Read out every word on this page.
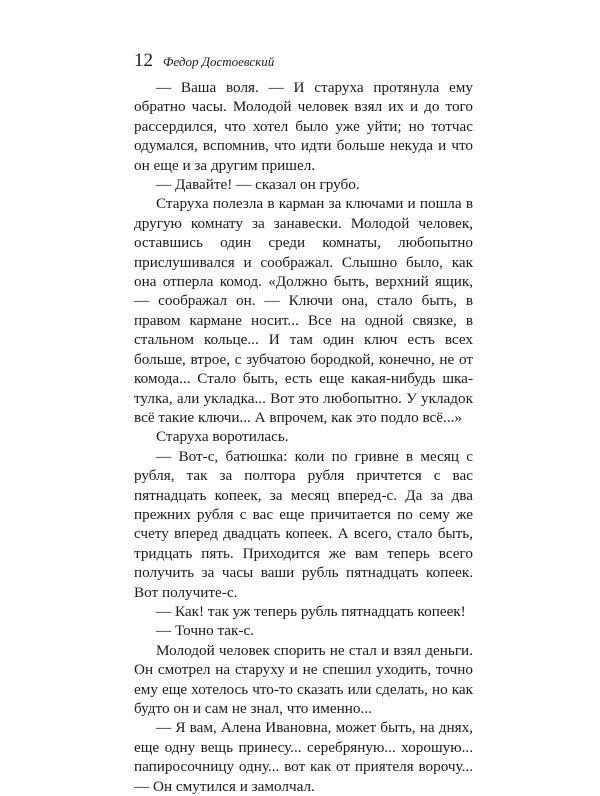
12 Федор Достоевский

— Ваша воля. — И старуха протянула ему обратно часы. Молодой человек взял их и до того рассердился, что хотел было уже уйти; но тотчас одумался, вспомнив, что идти больше некуда и что он еще и за другим пришел.

— Давайте! — сказал он грубо.

Старуха полезла в карман за ключами и пошла в другую комнату за занавески. Молодой человек, оставшись один среди комнаты, любопытно прислушивался и соображал. Слышно было, как она отперла комод. «Должно быть, верхний ящик, — соображал он. — Ключи она, стало быть, в правом кармане носит... Все на одной связке, в стальном кольце... И там один ключ есть всех больше, втрое, с зубчатою бородкой, конечно, не от комода... Стало быть, есть еще какая-нибудь шкатулка, али укладка... Вот это любопытно. У укладок всё такие ключи... А впрочем, как это подло всё...»

Старуха воротилась.

— Вот-с, батюшка: коли по гривне в месяц с рубля, так за полтора рубля причтется с вас пятнадцать копеек, за месяц вперед-с. Да за два прежних рубля с вас еще причитается по сему же счету вперед двадцать копеек. А всего, стало быть, тридцать пять. Приходится же вам теперь всего получить за часы ваши рубль пятнадцать копеек. Вот получите-с.

— Как! так уж теперь рубль пятнадцать копеек!

— Точно так-с.

Молодой человек спорить не стал и взял деньги. Он смотрел на старуху и не спешил уходить, точно ему еще хотелось что-то сказать или сделать, но как будто он и сам не знал, что именно...

— Я вам, Алена Ивановна, может быть, на днях, еще одну вещь принесу... серебряную... хорошую... папиросочницу одну... вот как от приятеля ворочу... — Он смутился и замолчал.
